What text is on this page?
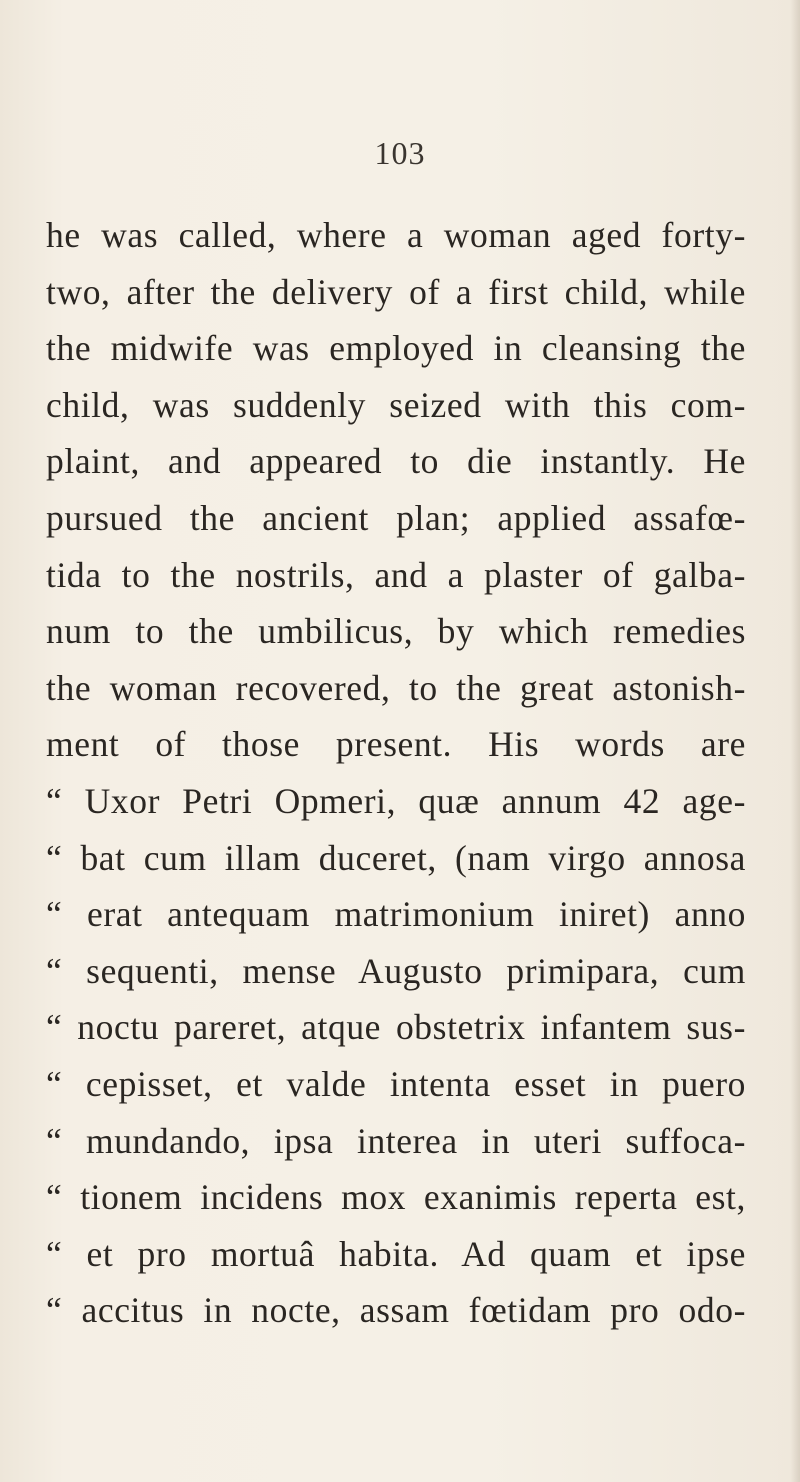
103
he was called, where a woman aged forty-
two, after the delivery of a first child, while
the midwife was employed in cleansing the
child, was suddenly seized with this com-
plaint, and appeared to die instantly. He
pursued the ancient plan; applied assafœ-
tida to the nostrils, and a plaster of galba-
num to the umbilicus, by which remedies
the woman recovered, to the great astonish-
ment of those present. His words are
“ Uxor Petri Opmeri, quæ annum 42 age-
“ bat cum illam duceret, (nam virgo annosa
“ erat antequam matrimonium iniret) anno
“ sequenti, mense Augusto primipara, cum
“ noctu pareret, atque obstetrix infantem sus-
“ cepisset, et valde intenta esset in puero
“ mundando, ipsa interea in uteri suffoca-
“ tionem incidens mox exanimis reperta est,
“ et pro mortuâ habita. Ad quam et ipse
“ accitus in nocte, assam fœtidam pro odo-
